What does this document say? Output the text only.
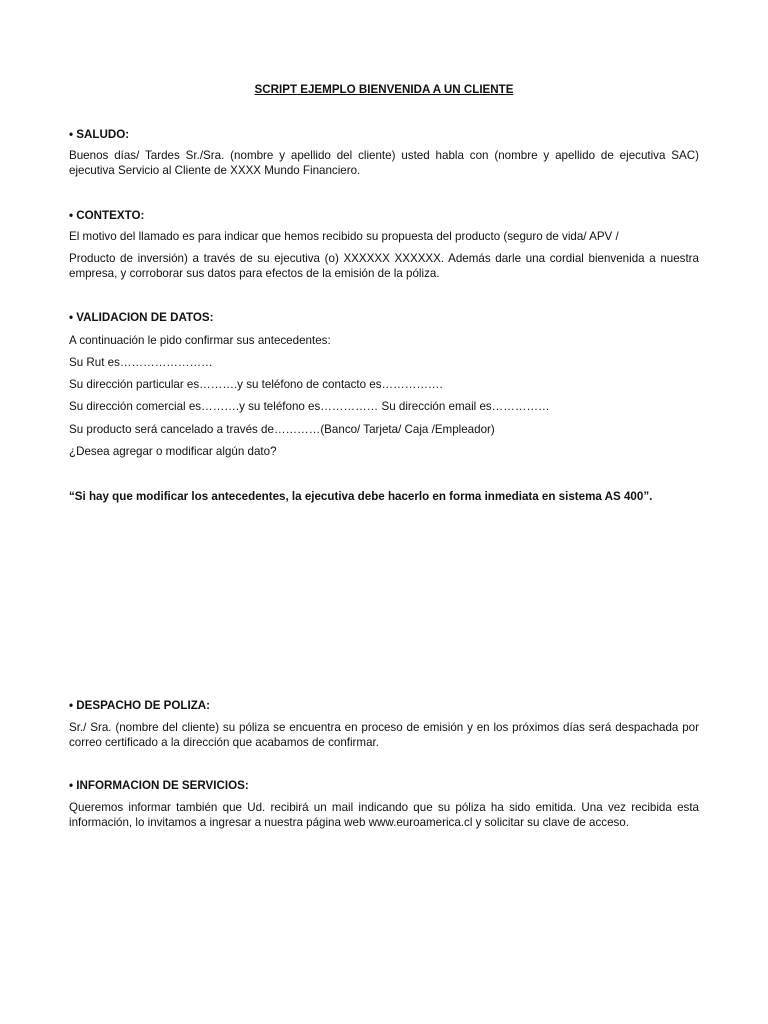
SCRIPT EJEMPLO BIENVENIDA A UN CLIENTE
• SALUDO:
Buenos días/ Tardes Sr./Sra. (nombre y apellido del cliente) usted habla con (nombre y apellido de ejecutiva SAC) ejecutiva Servicio al Cliente de XXXX Mundo Financiero.
• CONTEXTO:
El motivo del llamado es para indicar que hemos recibido su propuesta del producto (seguro de vida/ APV /
Producto de inversión) a través de su ejecutiva (o) XXXXXX XXXXXX. Además darle una cordial bienvenida a nuestra empresa, y corroborar sus datos para efectos de la emisión de la póliza.
• VALIDACION DE DATOS:
A continuación le pido confirmar sus antecedentes:
Su Rut es……………………
Su dirección particular es……….y su teléfono de contacto es…………….
Su dirección comercial es……….y su teléfono es…………… Su dirección email es……………
Su producto será cancelado a través de…………(Banco/ Tarjeta/ Caja /Empleador)
¿Desea agregar o modificar algún dato?
“Si hay que modificar los antecedentes, la ejecutiva debe hacerlo en forma inmediata en sistema AS 400”.
• DESPACHO DE POLIZA:
Sr./ Sra. (nombre del cliente) su póliza se encuentra en proceso de emisión y en los próximos días será despachada por correo certificado a la dirección que acabamos de confirmar.
• INFORMACION DE SERVICIOS:
Queremos informar también que Ud. recibirá un mail indicando que su póliza ha sido emitida. Una vez recibida esta información, lo invitamos a ingresar a nuestra página web www.euroamerica.cl y solicitar su clave de acceso.
